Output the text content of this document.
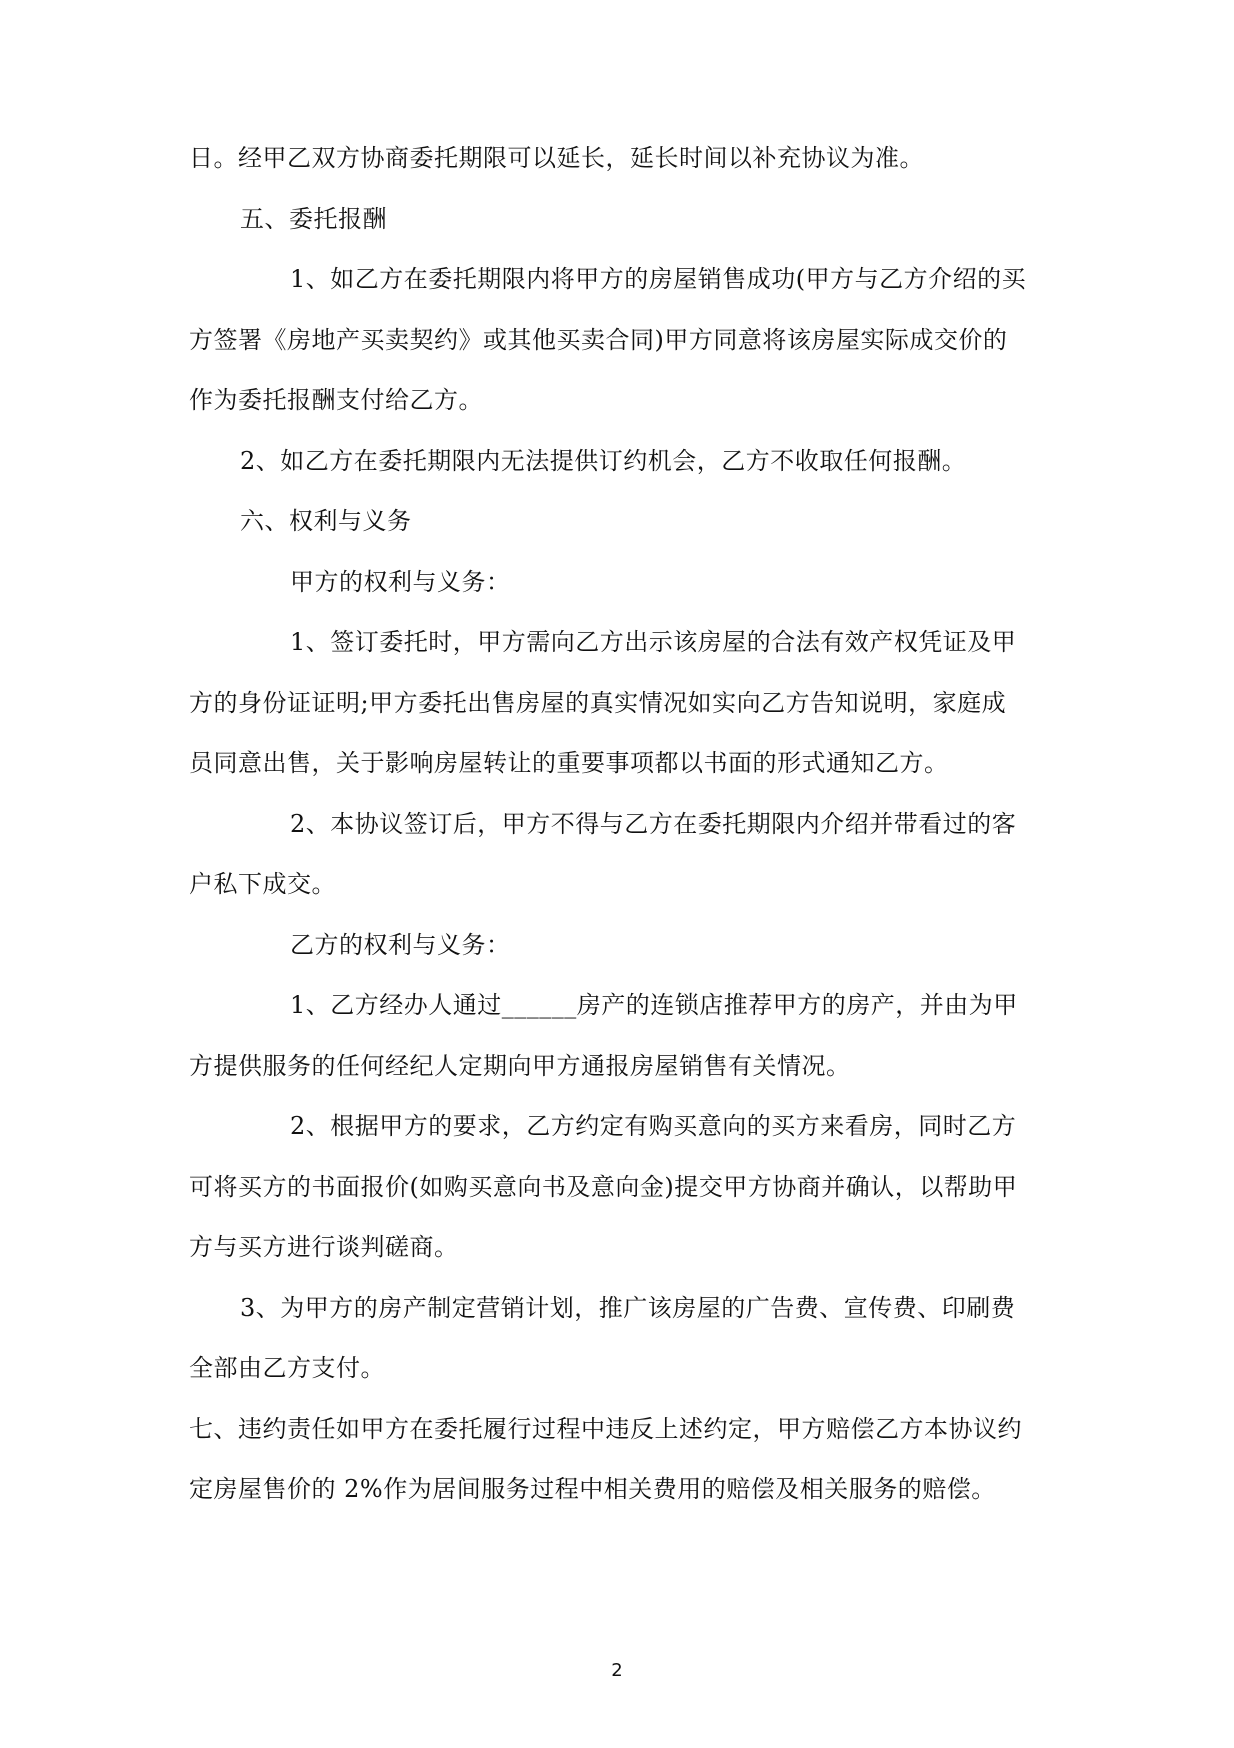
日。经甲乙双方协商委托期限可以延长，延长时间以补充协议为准。

五、委托报酬

1、如乙方在委托期限内将甲方的房屋销售成功(甲方与乙方介绍的买

方签署《房地产买卖契约》或其他买卖合同)甲方同意将该房屋实际成交价的

作为委托报酬支付给乙方。

2、如乙方在委托期限内无法提供订约机会，乙方不收取任何报酬。

六、权利与义务

甲方的权利与义务：

1、签订委托时，甲方需向乙方出示该房屋的合法有效产权凭证及甲

方的身份证证明;甲方委托出售房屋的真实情况如实向乙方告知说明，家庭成

员同意出售，关于影响房屋转让的重要事项都以书面的形式通知乙方。

2、本协议签订后，甲方不得与乙方在委托期限内介绍并带看过的客

户私下成交。

乙方的权利与义务：

1、乙方经办人通过______房产的连锁店推荐甲方的房产，并由为甲

方提供服务的任何经纪人定期向甲方通报房屋销售有关情况。

2、根据甲方的要求，乙方约定有购买意向的买方来看房，同时乙方

可将买方的书面报价(如购买意向书及意向金)提交甲方协商并确认，以帮助甲

方与买方进行谈判磋商。

3、为甲方的房产制定营销计划，推广该房屋的广告费、宣传费、印刷费

全部由乙方支付。

七、违约责任如甲方在委托履行过程中违反上述约定，甲方赔偿乙方本协议约

定房屋售价的 2%作为居间服务过程中相关费用的赔偿及相关服务的赔偿。

2
